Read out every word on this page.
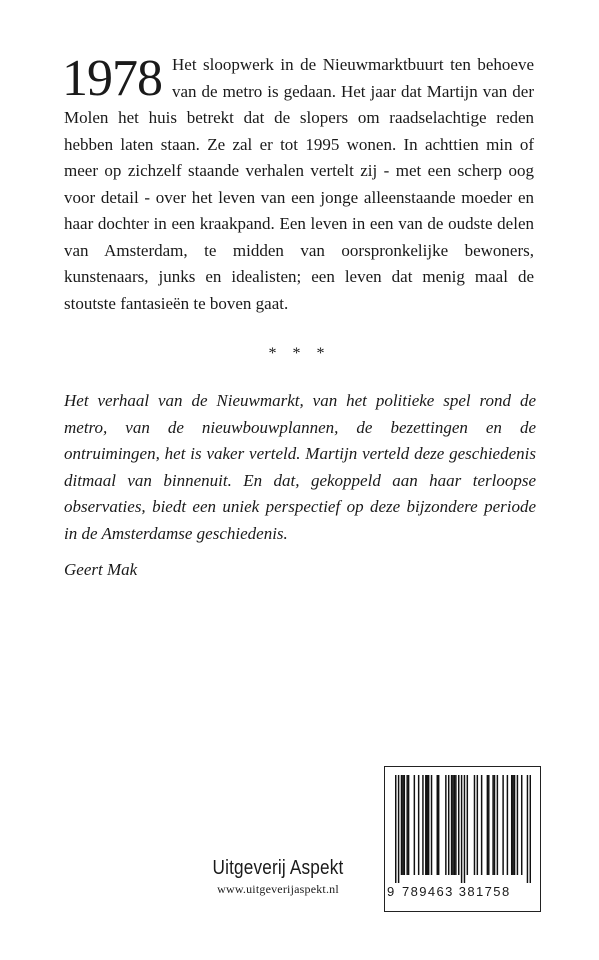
1978 Het sloopwerk in de Nieuwmarktbuurt ten behoeve van de metro is gedaan. Het jaar dat Martijn van der Molen het huis betrekt dat de slopers om raadselachtige reden hebben laten staan. Ze zal er tot 1995 wonen. In achttien min of meer op zichzelf staande verhalen vertelt zij - met een scherp oog voor detail - over het leven van een jonge alleenstaande moeder en haar dochter in een kraakpand. Een leven in een van de oudste delen van Amsterdam, te midden van oorspronkelijke bewoners, kunstenaars, junks en idealisten; een leven dat menig maal de stoutste fantasieën te boven gaat.
* * *
Het verhaal van de Nieuwmarkt, van het politieke spel rond de metro, van de nieuwbouwplannen, de bezettingen en de ontruimingen, het is vaker verteld. Martijn verteld deze geschiedenis ditmaal van binnenuit. En dat, gekoppeld aan haar terloopse observaties, biedt een uniek perspectief op deze bijzondere periode in de Amsterdamse geschiedenis.
Geert Mak
Uitgeverij Aspekt
www.uitgeverijaspekt.nl	9 789463 381758
